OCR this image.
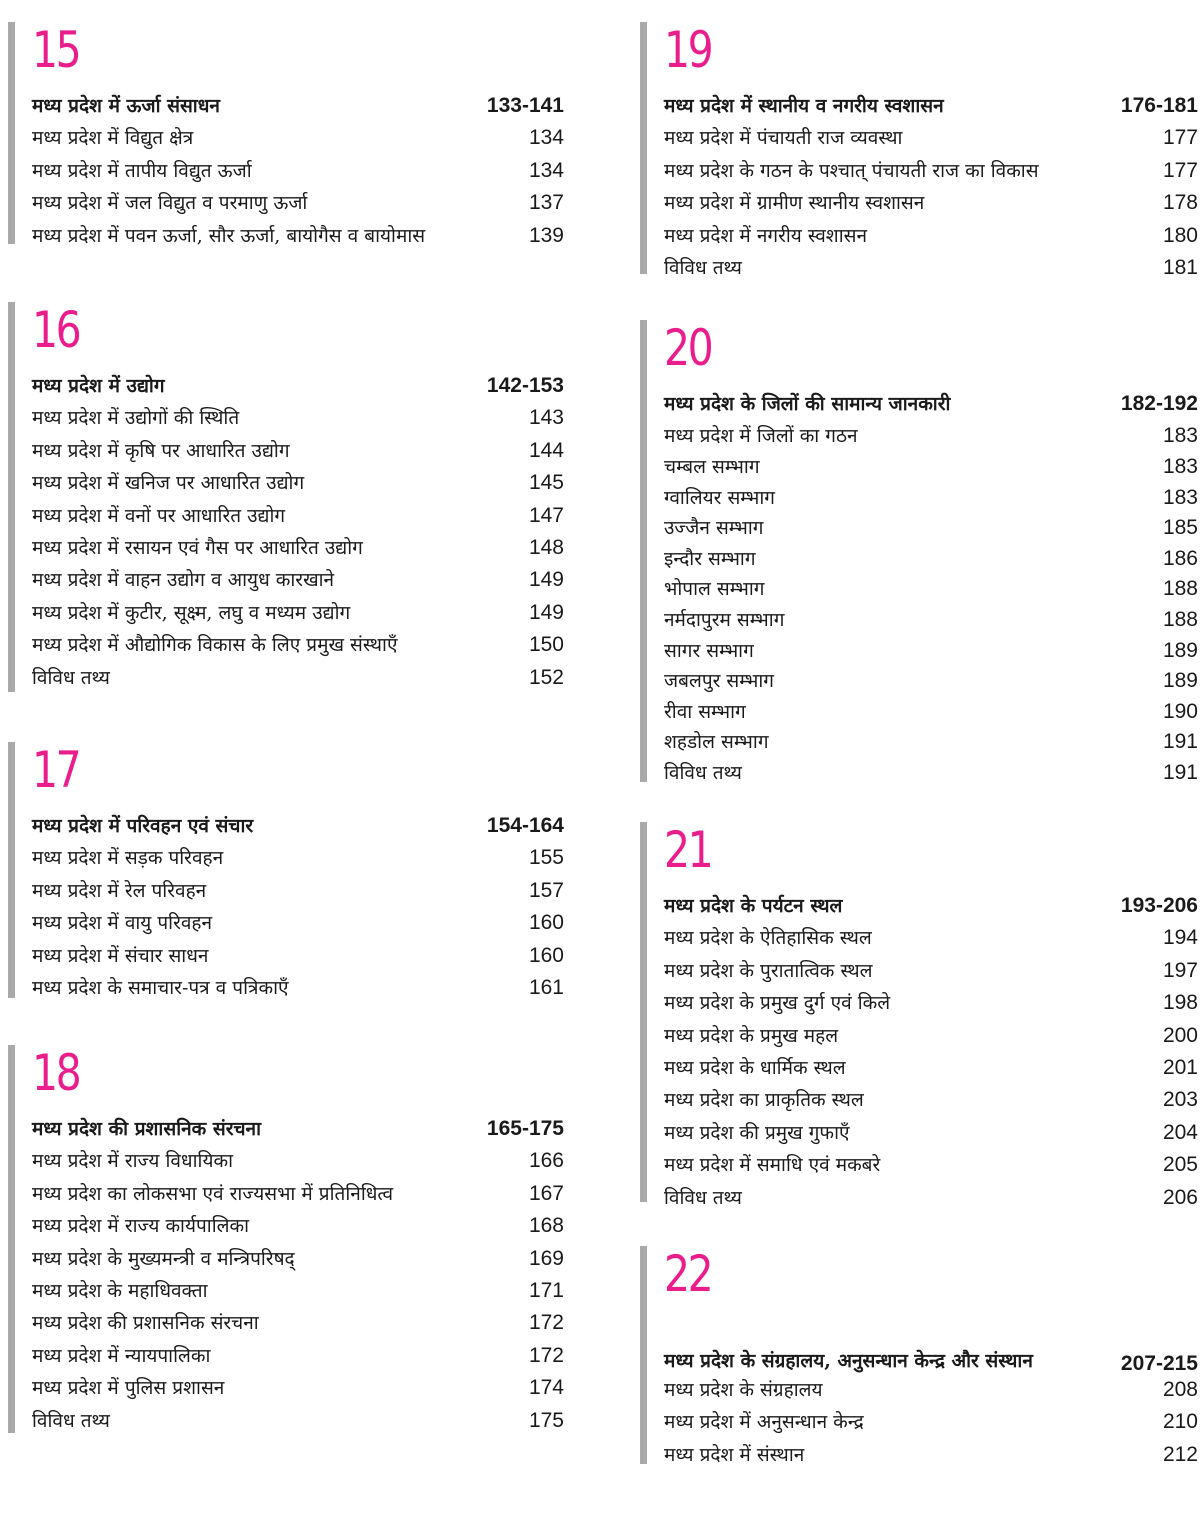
15
मध्य प्रदेश में ऊर्जा संसाधन	133-141
मध्य प्रदेश में विद्युत क्षेत्र	134
मध्य प्रदेश में तापीय विद्युत ऊर्जा	134
मध्य प्रदेश में जल विद्युत व परमाणु ऊर्जा	137
मध्य प्रदेश में पवन ऊर्जा, सौर ऊर्जा, बायोगैस व बायोमास	139
16
मध्य प्रदेश में उद्योग	142-153
मध्य प्रदेश में उद्योगों की स्थिति	143
मध्य प्रदेश में कृषि पर आधारित उद्योग	144
मध्य प्रदेश में खनिज पर आधारित उद्योग	145
मध्य प्रदेश में वनों पर आधारित उद्योग	147
मध्य प्रदेश में रसायन एवं गैस पर आधारित उद्योग	148
मध्य प्रदेश में वाहन उद्योग व आयुध कारखाने	149
मध्य प्रदेश में कुटीर, सूक्ष्म, लघु व मध्यम उद्योग	149
मध्य प्रदेश में औद्योगिक विकास के लिए प्रमुख संस्थाएँ	150
विविध तथ्य	152
17
मध्य प्रदेश में परिवहन एवं संचार	154-164
मध्य प्रदेश में सड़क परिवहन	155
मध्य प्रदेश में रेल परिवहन	157
मध्य प्रदेश में वायु परिवहन	160
मध्य प्रदेश में संचार साधन	160
मध्य प्रदेश के समाचार-पत्र व पत्रिकाएँ	161
18
मध्य प्रदेश की प्रशासनिक संरचना	165-175
मध्य प्रदेश में राज्य विधायिका	166
मध्य प्रदेश का लोकसभा एवं राज्यसभा में प्रतिनिधित्व	167
मध्य प्रदेश में राज्य कार्यपालिका	168
मध्य प्रदेश के मुख्यमन्त्री व मन्त्रिपरिषद्	169
मध्य प्रदेश के महाधिवक्ता	171
मध्य प्रदेश की प्रशासनिक संरचना	172
मध्य प्रदेश में न्यायपालिका	172
मध्य प्रदेश में पुलिस प्रशासन	174
विविध तथ्य	175
19
मध्य प्रदेश में स्थानीय व नगरीय स्वशासन	176-181
मध्य प्रदेश में पंचायती राज व्यवस्था	177
मध्य प्रदेश के गठन के पश्चात् पंचायती राज का विकास	177
मध्य प्रदेश में ग्रामीण स्थानीय स्वशासन	178
मध्य प्रदेश में नगरीय स्वशासन	180
विविध तथ्य	181
20
मध्य प्रदेश के जिलों की सामान्य जानकारी	182-192
मध्य प्रदेश में जिलों का गठन	183
चम्बल सम्भाग	183
ग्वालियर सम्भाग	183
उज्जैन सम्भाग	185
इन्दौर सम्भाग	186
भोपाल सम्भाग	188
नर्मदापुरम सम्भाग	188
सागर सम्भाग	189
जबलपुर सम्भाग	189
रीवा सम्भाग	190
शहडोल सम्भाग	191
विविध तथ्य	191
21
मध्य प्रदेश के पर्यटन स्थल	193-206
मध्य प्रदेश के ऐतिहासिक स्थल	194
मध्य प्रदेश के पुरातात्विक स्थल	197
मध्य प्रदेश के प्रमुख दुर्ग एवं किले	198
मध्य प्रदेश के प्रमुख महल	200
मध्य प्रदेश के धार्मिक स्थल	201
मध्य प्रदेश का प्राकृतिक स्थल	203
मध्य प्रदेश की प्रमुख गुफाएँ	204
मध्य प्रदेश में समाधि एवं मकबरे	205
विविध तथ्य	206
22
मध्य प्रदेश के संग्रहालय, अनुसन्धान केन्द्र और संस्थान	207-215
मध्य प्रदेश के संग्रहालय	208
मध्य प्रदेश में अनुसन्धान केन्द्र	210
मध्य प्रदेश में संस्थान	212
